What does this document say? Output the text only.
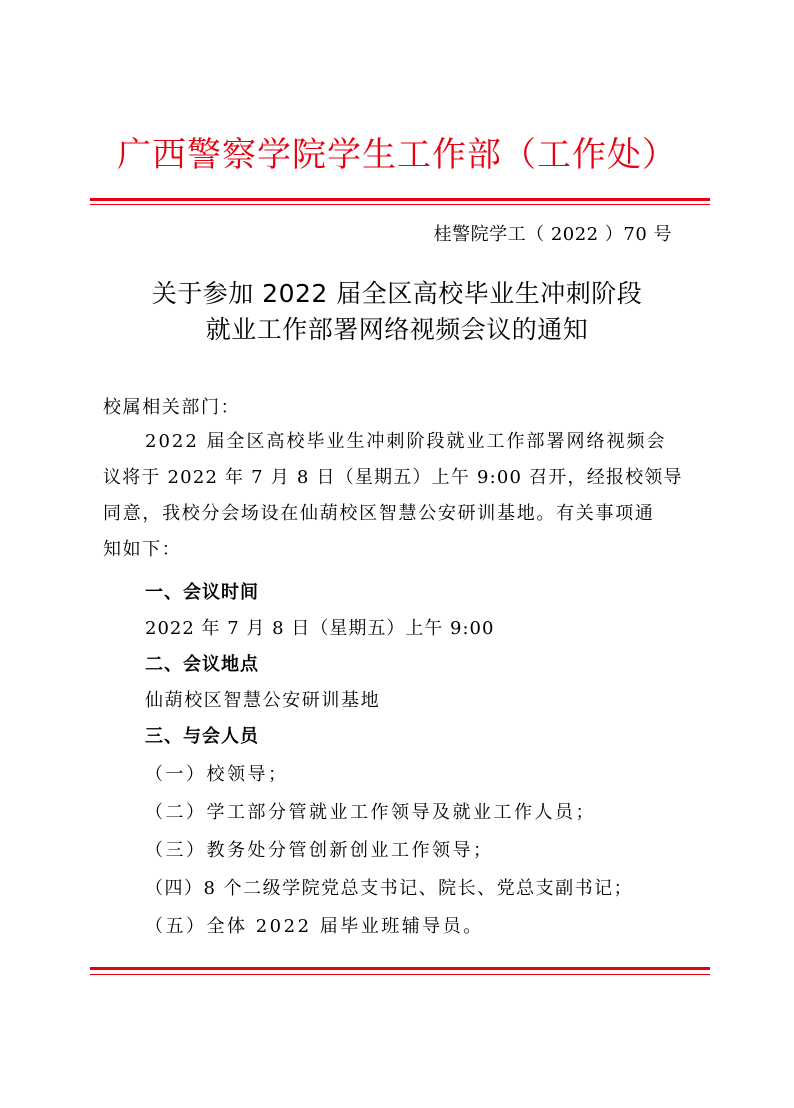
广西警察学院学生工作部（工作处）
桂警院学工（ 2022 ）70 号
关于参加 2022 届全区高校毕业生冲刺阶段
就业工作部署网络视频会议的通知
校属相关部门：
2022 届全区高校毕业生冲刺阶段就业工作部署网络视频会
议将于 2022 年 7 月 8 日（星期五）上午 9:00 召开，经报校领导
同意，我校分会场设在仙葫校区智慧公安研训基地。有关事项通
知如下：
一、会议时间
2022 年 7 月 8 日（星期五）上午 9:00
二、会议地点
仙葫校区智慧公安研训基地
三、与会人员
（一）校领导；
（二）学工部分管就业工作领导及就业工作人员；
（三）教务处分管创新创业工作领导；
（四）8 个二级学院党总支书记、院长、党总支副书记；
（五）全体 2022 届毕业班辅导员。
